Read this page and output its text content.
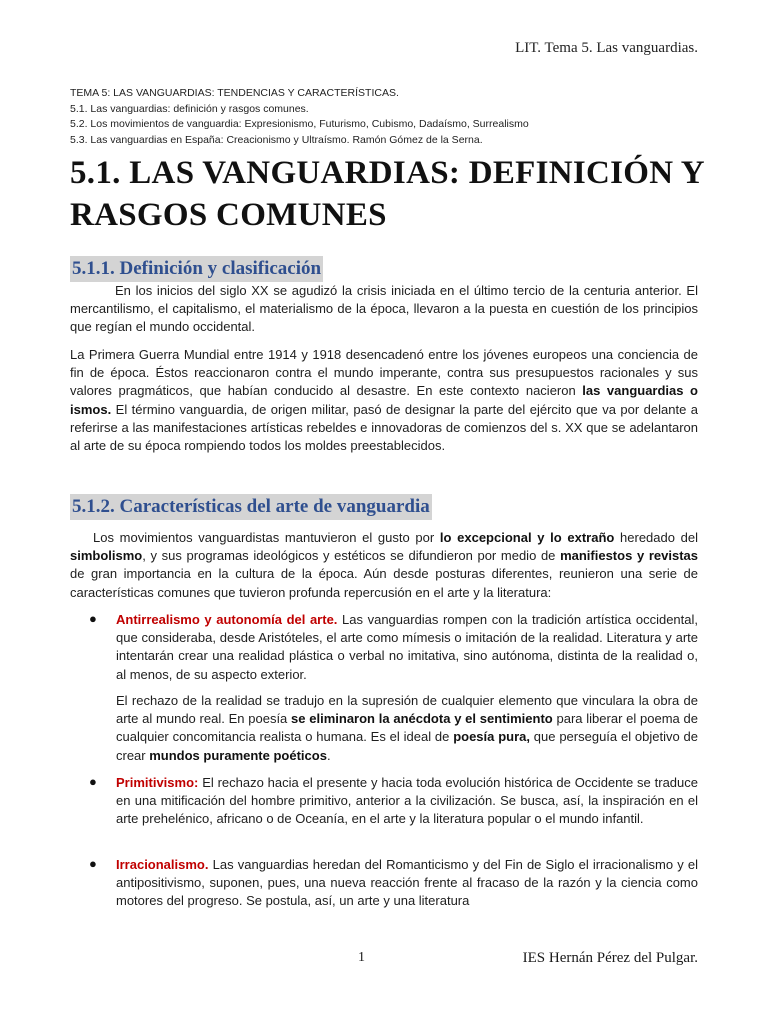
LIT. Tema 5. Las vanguardias.
TEMA 5: LAS VANGUARDIAS: TENDENCIAS Y CARACTERÍSTICAS.
5.1. Las vanguardias: definición y rasgos comunes.
5.2. Los movimientos de vanguardia: Expresionismo, Futurismo, Cubismo, Dadaísmo, Surrealismo
5.3. Las vanguardias en España: Creacionismo y Ultraísmo. Ramón Gómez de la Serna.
5.1. LAS VANGUARDIAS: DEFINICIÓN Y RASGOS COMUNES
5.1.1. Definición y clasificación

En los inicios del siglo XX se agudizó la crisis iniciada en el último tercio de la centuria anterior. El mercantilismo, el capitalismo, el materialismo de la época, llevaron a la puesta en cuestión de los principios que regían el mundo occidental.

La Primera Guerra Mundial entre 1914 y 1918 desencadenó entre los jóvenes europeos una conciencia de fin de época. Éstos reaccionaron contra el mundo imperante, contra sus presupuestos racionales y sus valores pragmáticos, que habían conducido al desastre. En este contexto nacieron las vanguardias o ismos. El término vanguardia, de origen militar, pasó de designar la parte del ejército que va por delante a referirse a las manifestaciones artísticas rebeldes e innovadoras de comienzos del s. XX que se adelantaron al arte de su época rompiendo todos los moldes preestablecidos.

5.1.2. Características del arte de vanguardia

Los movimientos vanguardistas mantuvieron el gusto por lo excepcional y lo extraño heredado del simbolismo, y sus programas ideológicos y estéticos se difundieron por medio de manifiestos y revistas de gran importancia en la cultura de la época. Aún desde posturas diferentes, reunieron una serie de características comunes que tuvieron profunda repercusión en el arte y la literatura:

● Antirrealismo y autonomía del arte. Las vanguardias rompen con la tradición artística occidental, que consideraba, desde Aristóteles, el arte como mímesis o imitación de la realidad. Literatura y arte intentarán crear una realidad plástica o verbal no imitativa, sino autónoma, distinta de la realidad o, al menos, de su aspecto exterior.

El rechazo de la realidad se tradujo en la supresión de cualquier elemento que vinculara la obra de arte al mundo real. En poesía se eliminaron la anécdota y el sentimiento para liberar el poema de cualquier concomitancia realista o humana. Es el ideal de poesía pura, que perseguía el objetivo de crear mundos puramente poéticos.

● Primitivismo: El rechazo hacia el presente y hacia toda evolución histórica de Occidente se traduce en una mitificación del hombre primitivo, anterior a la civilización. Se busca, así, la inspiración en el arte prehelénico, africano o de Oceanía, en el arte y la literatura popular o el mundo infantil.

● Irracionalismo. Las vanguardias heredan del Romanticismo y del Fin de Siglo el irracionalismo y el antipositivismo, suponen, pues, una nueva reacción frente al fracaso de la razón y la ciencia como motores del progreso. Se postula, así, un arte y una literatura

1	IES Hernán Pérez del Pulgar.
